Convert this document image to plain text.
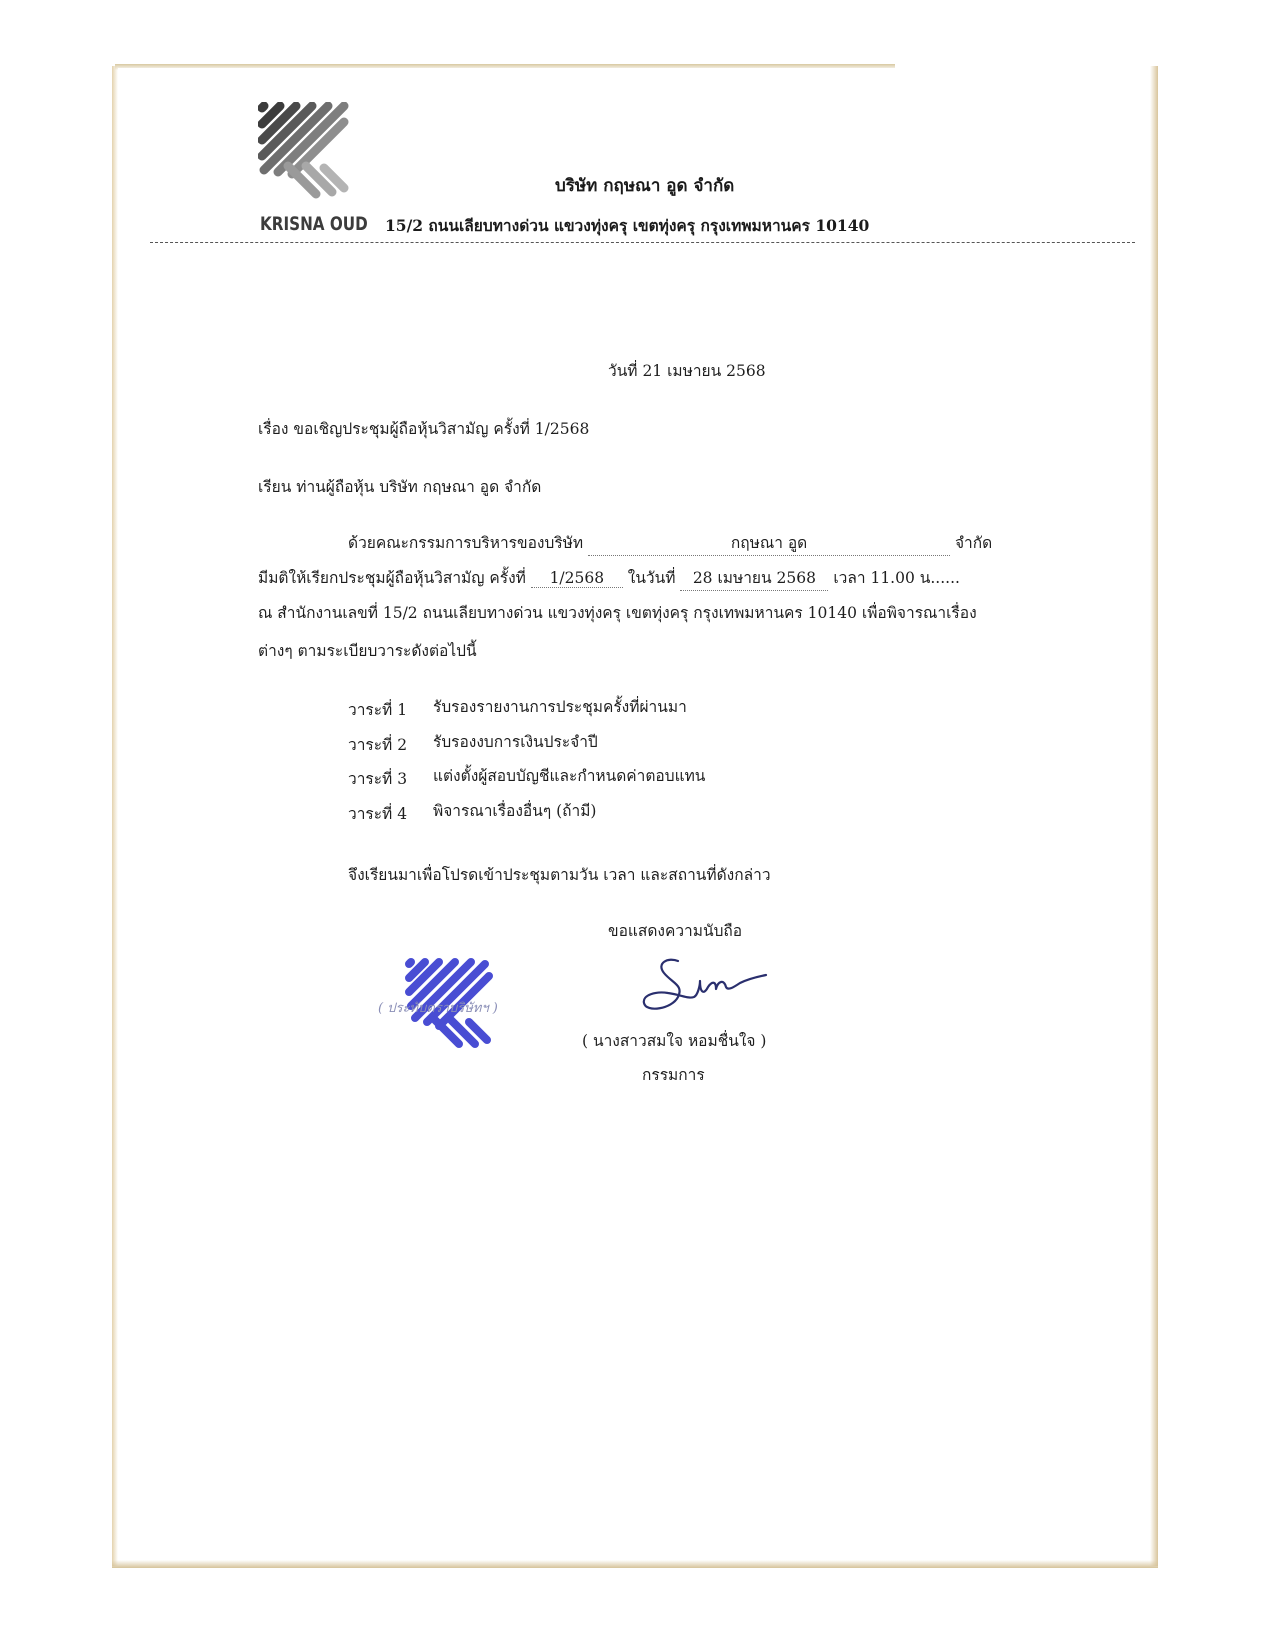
KRISNA OUD
บริษัท กฤษณา อูด จำกัด
15/2 ถนนเลียบทางด่วน แขวงทุ่งครุ เขตทุ่งครุ กรุงเทพมหานคร 10140
วันที่ 21 เมษายน 2568
เรื่อง ขอเชิญประชุมผู้ถือหุ้นวิสามัญ ครั้งที่ 1/2568
เรียน ท่านผู้ถือหุ้น บริษัท กฤษณา อูด จำกัด
ด้วยคณะกรรมการบริหารของบริษัท	กฤษณา อูด	จำกัด
มีมติให้เรียกประชุมผู้ถือหุ้นวิสามัญ ครั้งที่ 1/2568 ในวันที่ 28 เมษายน 2568 เวลา 11.00 น......
ณ สำนักงานเลขที่ 15/2 ถนนเลียบทางด่วน แขวงทุ่งครุ เขตทุ่งครุ กรุงเทพมหานคร 10140 เพื่อพิจารณาเรื่อง
ต่างๆ ตามระเบียบวาระดังต่อไปนี้
วาระที่ 1 รับรองรายงานการประชุมครั้งที่ผ่านมา
วาระที่ 2 รับรองงบการเงินประจำปี
วาระที่ 3 แต่งตั้งผู้สอบบัญชีและกำหนดค่าตอบแทน
วาระที่ 4 พิจารณาเรื่องอื่นๆ (ถ้ามี)
จึงเรียนมาเพื่อโปรดเข้าประชุมตามวัน เวลา และสถานที่ดังกล่าว
ขอแสดงความนับถือ
( ประทับตราบริษัทฯ )
( นางสาวสมใจ หอมชื่นใจ )
กรรมการ
